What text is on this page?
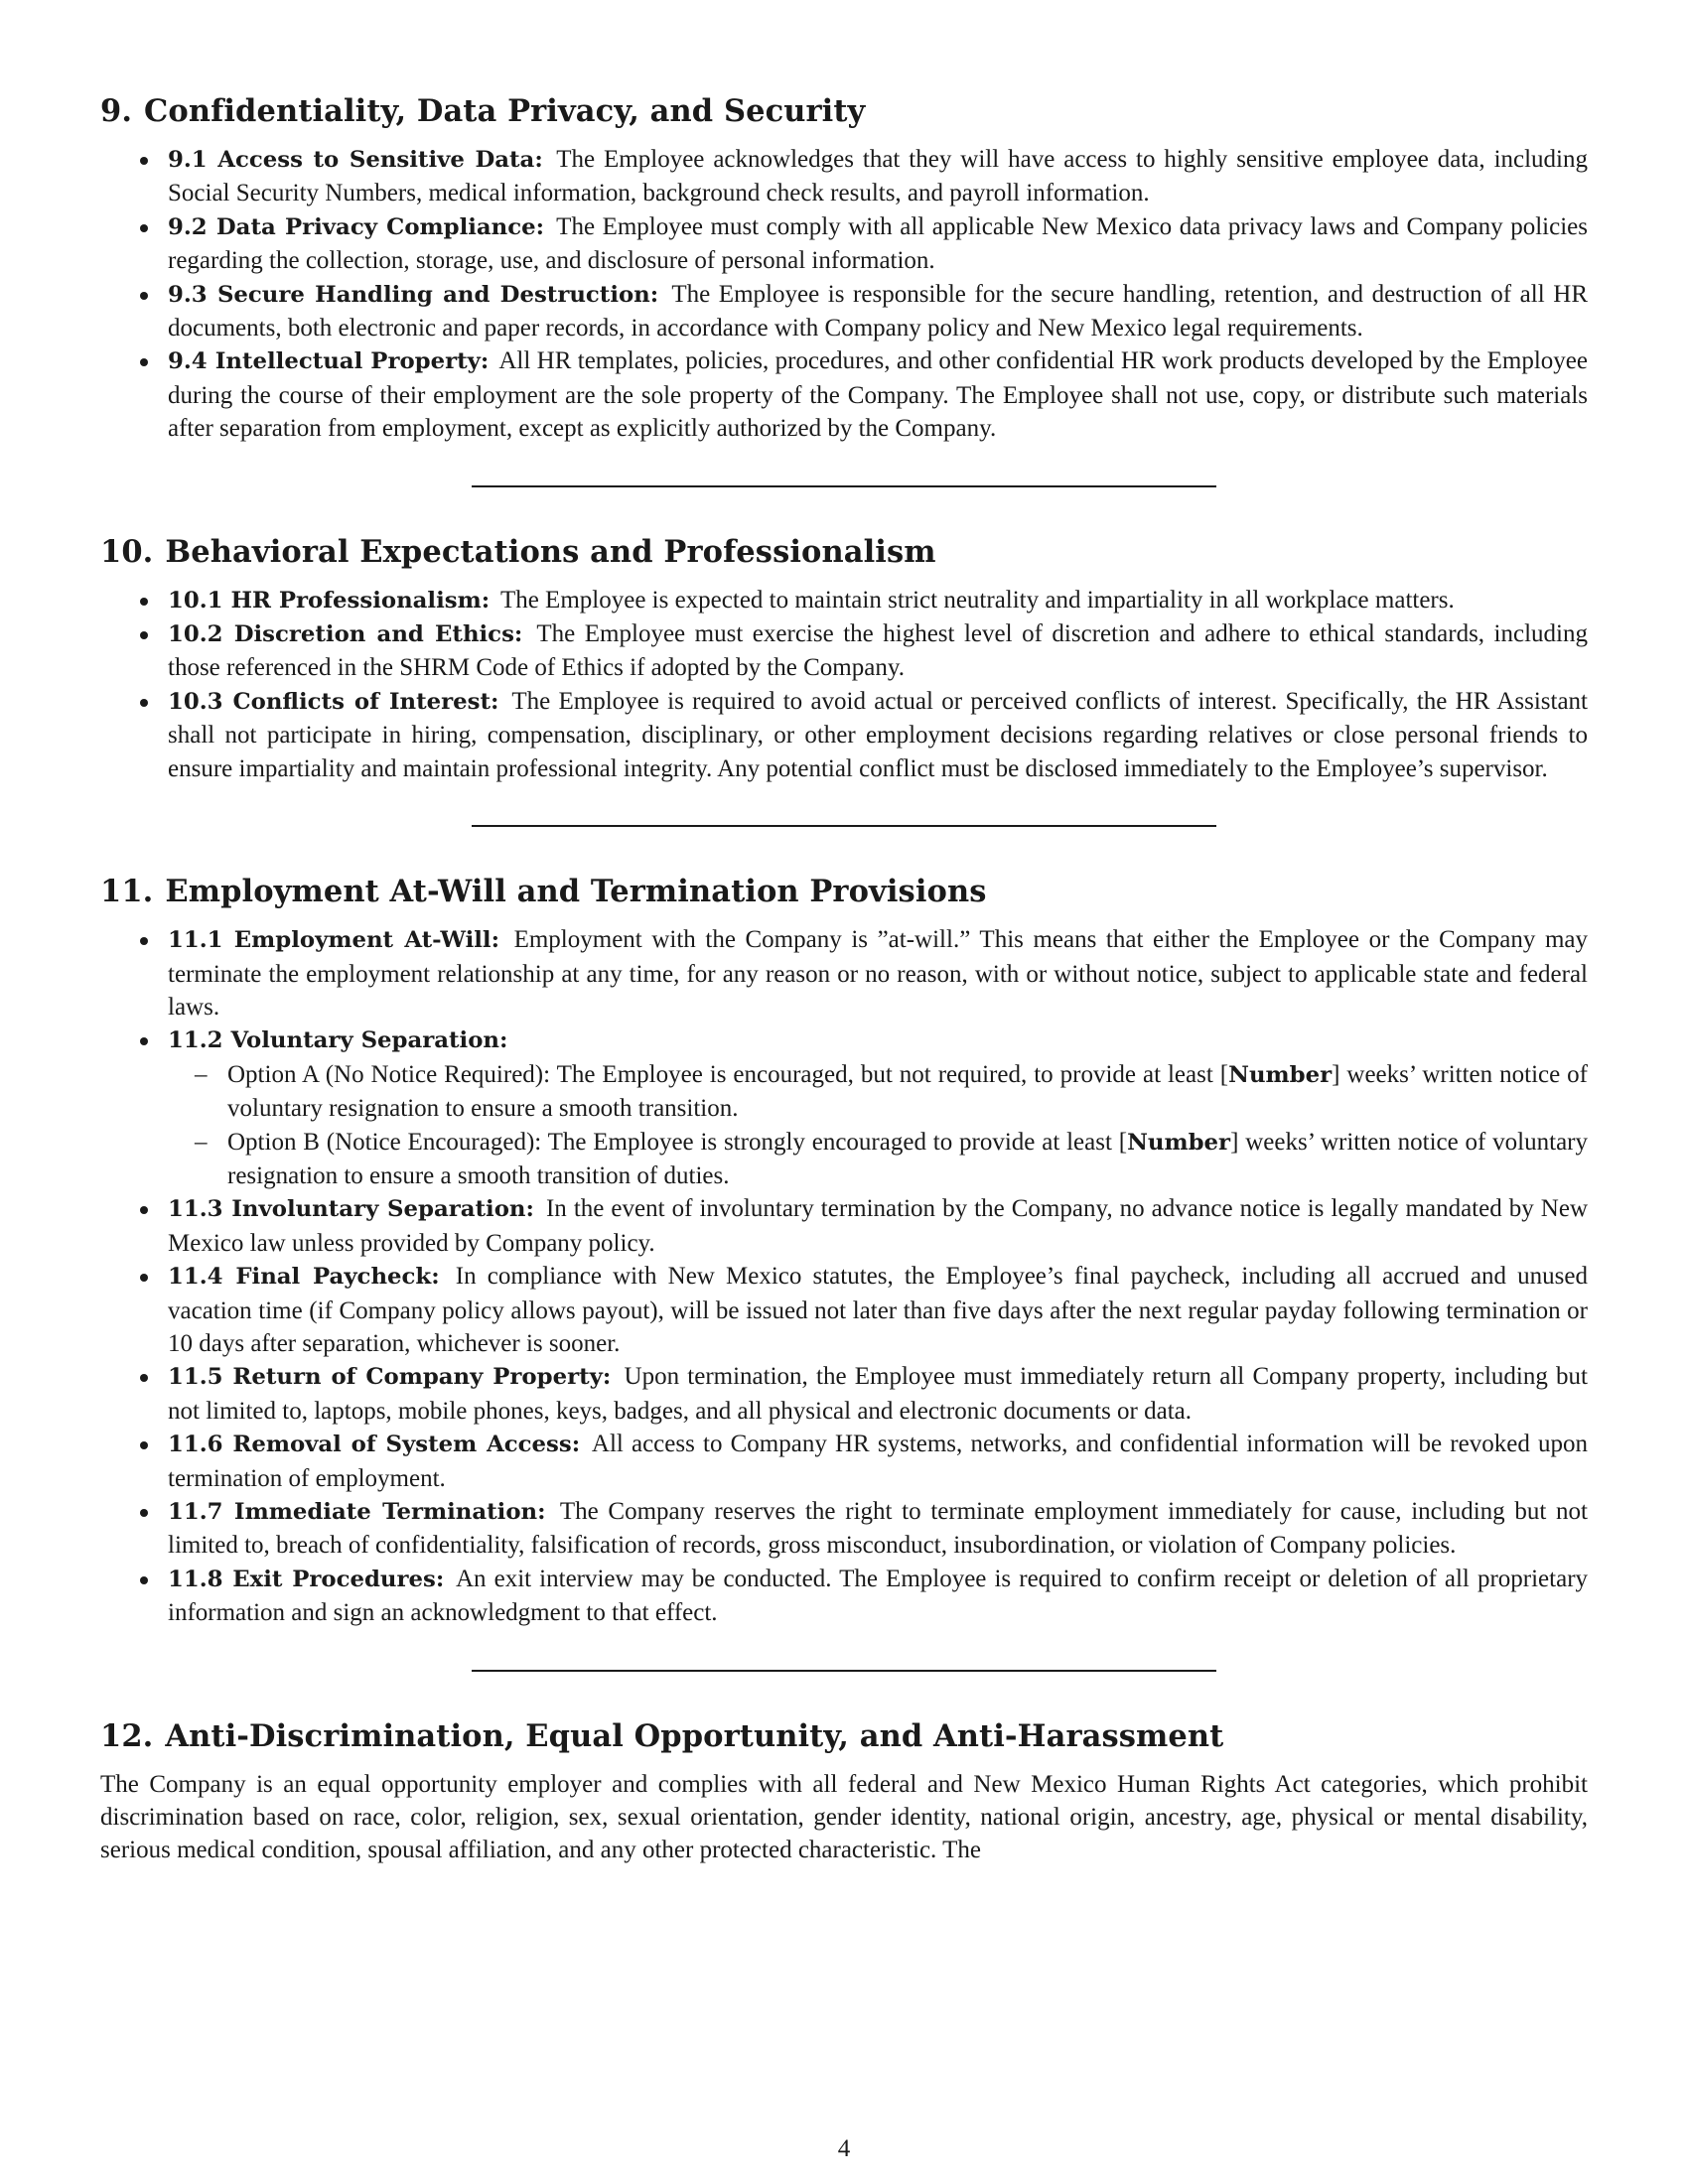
9. Confidentiality, Data Privacy, and Security
9.1 Access to Sensitive Data: The Employee acknowledges that they will have access to highly sensitive employee data, including Social Security Numbers, medical information, background check results, and payroll information.
9.2 Data Privacy Compliance: The Employee must comply with all applicable New Mexico data privacy laws and Company policies regarding the collection, storage, use, and disclosure of personal information.
9.3 Secure Handling and Destruction: The Employee is responsible for the secure handling, retention, and destruction of all HR documents, both electronic and paper records, in accordance with Company policy and New Mexico legal requirements.
9.4 Intellectual Property: All HR templates, policies, procedures, and other confidential HR work products developed by the Employee during the course of their employment are the sole property of the Company. The Employee shall not use, copy, or distribute such materials after separation from employment, except as explicitly authorized by the Company.
10. Behavioral Expectations and Professionalism
10.1 HR Professionalism: The Employee is expected to maintain strict neutrality and impartiality in all workplace matters.
10.2 Discretion and Ethics: The Employee must exercise the highest level of discretion and adhere to ethical standards, including those referenced in the SHRM Code of Ethics if adopted by the Company.
10.3 Conflicts of Interest: The Employee is required to avoid actual or perceived conflicts of interest. Specifically, the HR Assistant shall not participate in hiring, compensation, disciplinary, or other employment decisions regarding relatives or close personal friends to ensure impartiality and maintain professional integrity. Any potential conflict must be disclosed immediately to the Employee’s supervisor.
11. Employment At-Will and Termination Provisions
11.1 Employment At-Will: Employment with the Company is ”at-will.” This means that either the Employee or the Company may terminate the employment relationship at any time, for any reason or no reason, with or without notice, subject to applicable state and federal laws.
11.2 Voluntary Separation:
– Option A (No Notice Required): The Employee is encouraged, but not required, to provide at least [Number] weeks’ written notice of voluntary resignation to ensure a smooth transition.
– Option B (Notice Encouraged): The Employee is strongly encouraged to provide at least [Number] weeks’ written notice of voluntary resignation to ensure a smooth transition of duties.
11.3 Involuntary Separation: In the event of involuntary termination by the Company, no advance notice is legally mandated by New Mexico law unless provided by Company policy.
11.4 Final Paycheck: In compliance with New Mexico statutes, the Employee’s final paycheck, including all accrued and unused vacation time (if Company policy allows payout), will be issued not later than five days after the next regular payday following termination or 10 days after separation, whichever is sooner.
11.5 Return of Company Property: Upon termination, the Employee must immediately return all Company property, including but not limited to, laptops, mobile phones, keys, badges, and all physical and electronic documents or data.
11.6 Removal of System Access: All access to Company HR systems, networks, and confidential information will be revoked upon termination of employment.
11.7 Immediate Termination: The Company reserves the right to terminate employment immediately for cause, including but not limited to, breach of confidentiality, falsification of records, gross misconduct, insubordination, or violation of Company policies.
11.8 Exit Procedures: An exit interview may be conducted. The Employee is required to confirm receipt or deletion of all proprietary information and sign an acknowledgment to that effect.
12. Anti-Discrimination, Equal Opportunity, and Anti-Harassment

The Company is an equal opportunity employer and complies with all federal and New Mexico Human Rights Act categories, which prohibit discrimination based on race, color, religion, sex, sexual orientation, gender identity, national origin, ancestry, age, physical or mental disability, serious medical condition, spousal affiliation, and any other protected characteristic. The

4
